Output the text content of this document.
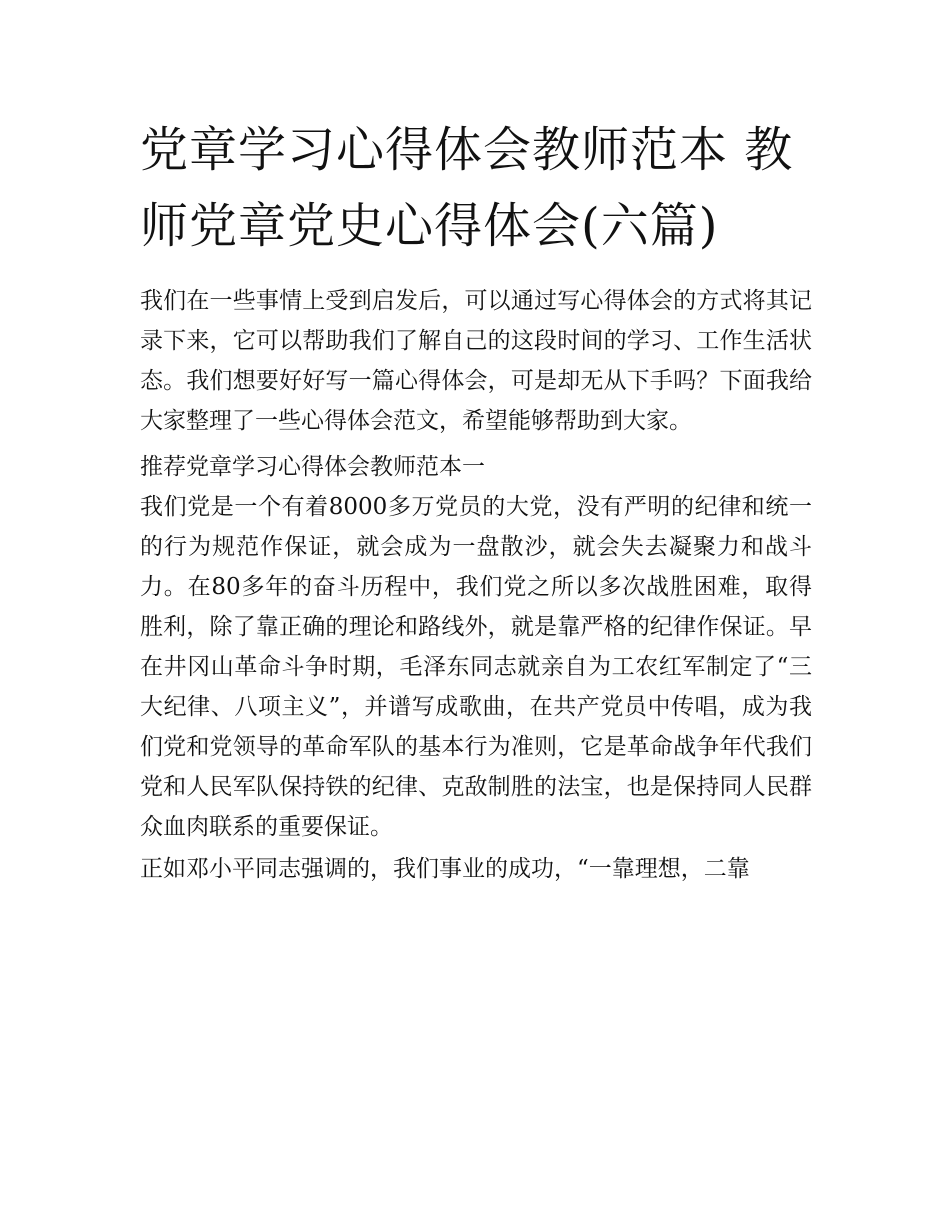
党章学习心得体会教师范本 教师党章党史心得体会(六篇)

我们在一些事情上受到启发后，可以通过写心得体会的方式将其记录下来，它可以帮助我们了解自己的这段时间的学习、工作生活状态。我们想要好好写一篇心得体会，可是却无从下手吗？下面我给大家整理了一些心得体会范文，希望能够帮助到大家。

推荐党章学习心得体会教师范本一

我们党是一个有着8000多万党员的大党，没有严明的纪律和统一的行为规范作保证，就会成为一盘散沙，就会失去凝聚力和战斗力。在80多年的奋斗历程中，我们党之所以多次战胜困难，取得胜利，除了靠正确的理论和路线外，就是靠严格的纪律作保证。早在井冈山革命斗争时期，毛泽东同志就亲自为工农红军制定了“三大纪律、八项主义”，并谱写成歌曲，在共产党员中传唱，成为我们党和党领导的革命军队的基本行为准则，它是革命战争年代我们党和人民军队保持铁的纪律、克敌制胜的法宝，也是保持同人民群众血肉联系的重要保证。

正如邓小平同志强调的，我们事业的成功，“一靠理想，二靠
